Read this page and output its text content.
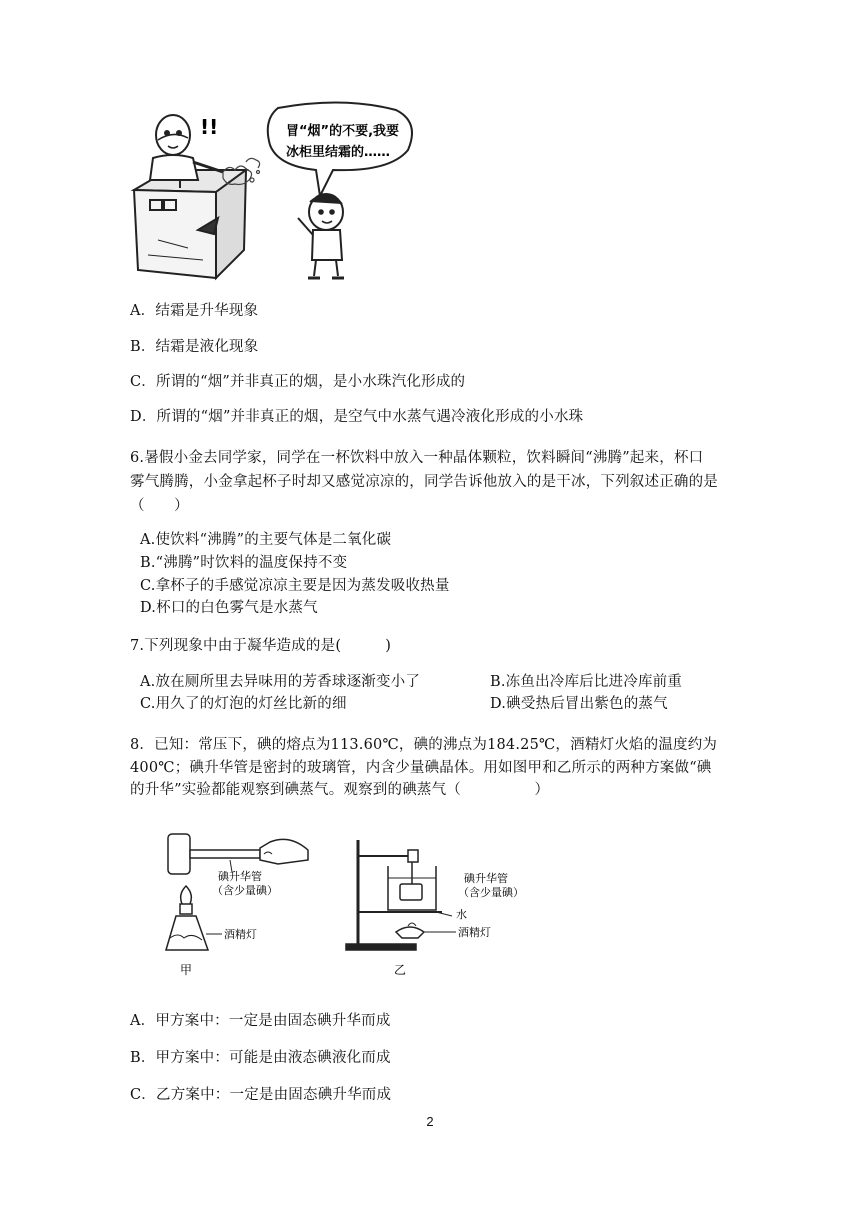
!!	冒“烟”的不要,我要
冰柜里结霜的……
A．结霜是升华现象
B．结霜是液化现象
C．所谓的“烟”并非真正的烟，是小水珠汽化形成的
D．所谓的“烟”并非真正的烟，是空气中水蒸气遇冷液化形成的小水珠
6.暑假小金去同学家，同学在一杯饮料中放入一种晶体颗粒，饮料瞬间“沸腾”起来，杯口
雾气腾腾，小金拿起杯子时却又感觉凉凉的，同学告诉他放入的是干冰，下列叙述正确的是
（　　）
A.使饮料“沸腾”的主要气体是二氧化碳
B.“沸腾”时饮料的温度保持不变
C.拿杯子的手感觉凉凉主要是因为蒸发吸收热量
D.杯口的白色雾气是水蒸气
7.下列现象中由于凝华造成的是(　　　)
A.放在厕所里去异味用的芳香球逐渐变小了	B.冻鱼出冷库后比进冷库前重
C.用久了的灯泡的灯丝比新的细	D.碘受热后冒出紫色的蒸气
8．已知：常压下，碘的熔点为113.60℃，碘的沸点为184.25℃，酒精灯火焰的温度约为
400℃；碘升华管是密封的玻璃管，内含少量碘晶体。用如图甲和乙所示的两种方案做“碘
的升华”实验都能观察到碘蒸气。观察到的碘蒸气（　　　　　）
碘升华管
（含少量碘）
酒精灯
甲
碘升华管
（含少量碘）
水
酒精灯
乙
A．甲方案中：一定是由固态碘升华而成
B．甲方案中：可能是由液态碘液化而成
C．乙方案中：一定是由固态碘升华而成
2
